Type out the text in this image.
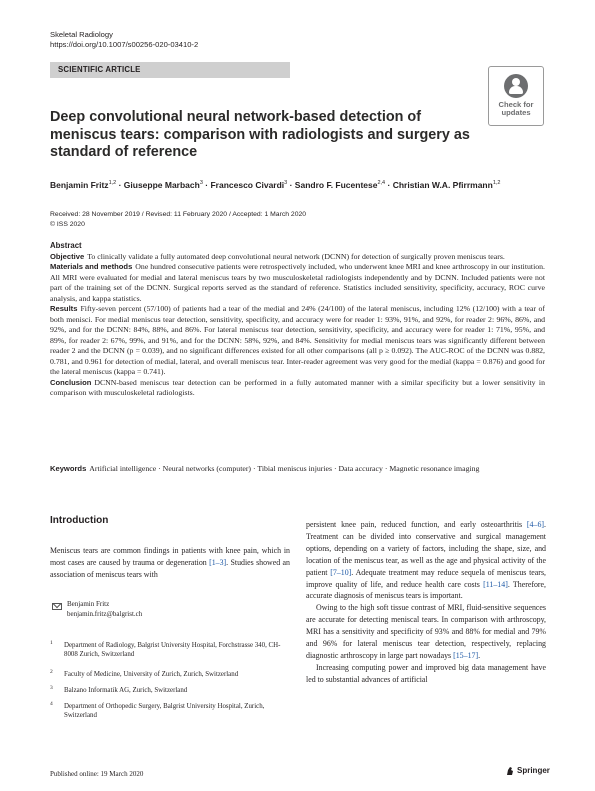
Skeletal Radiology
https://doi.org/10.1007/s00256-020-03410-2
SCIENTIFIC ARTICLE
Check for
updates
Deep convolutional neural network-based detection of meniscus tears: comparison with radiologists and surgery as standard of reference
Benjamin Fritz$^{1,2}$ · Giuseppe Marbach$^3$ · Francesco Civardi$^3$ · Sandro F. Fucentese$^{2,4}$ · Christian W.A. Pfirrmann$^{1,2}$
Received: 28 November 2019 / Revised: 11 February 2020 / Accepted: 1 March 2020
© ISS 2020
Abstract

Objective To clinically validate a fully automated deep convolutional neural network (DCNN) for detection of surgically proven meniscus tears.

Materials and methods One hundred consecutive patients were retrospectively included, who underwent knee MRI and knee arthroscopy in our institution. All MRI were evaluated for medial and lateral meniscus tears by two musculoskeletal radiologists independently and by DCNN. Included patients were not part of the training set of the DCNN. Surgical reports served as the standard of reference. Statistics included sensitivity, specificity, accuracy, ROC curve analysis, and kappa statistics.

Results Fifty-seven percent (57/100) of patients had a tear of the medial and 24% (24/100) of the lateral meniscus, including 12% (12/100) with a tear of both menisci. For medial meniscus tear detection, sensitivity, specificity, and accuracy were for reader 1: 93%, 91%, and 92%, for reader 2: 96%, 86%, and 92%, and for the DCNN: 84%, 88%, and 86%. For lateral meniscus tear detection, sensitivity, specificity, and accuracy were for reader 1: 71%, 95%, and 89%, for reader 2: 67%, 99%, and 91%, and for the DCNN: 58%, 92%, and 84%. Sensitivity for medial meniscus tears was significantly different between reader 2 and the DCNN (p = 0.039), and no significant differences existed for all other comparisons (all p ≥ 0.092). The AUC-ROC of the DCNN was 0.882, 0.781, and 0.961 for detection of medial, lateral, and overall meniscus tear. Inter-reader agreement was very good for the medial (kappa = 0.876) and good for the lateral meniscus (kappa = 0.741).

Conclusion DCNN-based meniscus tear detection can be performed in a fully automated manner with a similar specificity but a lower sensitivity in comparison with musculoskeletal radiologists.

Keywords Artificial intelligence · Neural networks (computer) · Tibial meniscus injuries · Data accuracy · Magnetic resonance imaging
Introduction
Meniscus tears are common findings in patients with knee pain, which in most cases are caused by trauma or degeneration [1–3]. Studies showed an association of meniscus tears with

persistent knee pain, reduced function, and early osteoarthritis [4–6]. Treatment can be divided into conservative and surgical management options, depending on a variety of factors, including the shape, size, and location of the meniscus tear, as well as the age and physical activity of the patient [7–10]. Adequate treatment may reduce sequela of meniscus tears, improve quality of life, and reduce health care costs [11–14]. Therefore, accurate diagnosis of meniscus tears is important.

Owing to the high soft tissue contrast of MRI, fluid-sensitive sequences are accurate for detecting meniscal tears. In comparison with arthroscopy, MRI has a sensitivity and specificity of 93% and 88% for medial and 79% and 96% for lateral meniscus tear detection, respectively, replacing diagnostic arthroscopy in large part nowadays [15–17].

Increasing computing power and improved big data management have led to substantial advances of artificial

Benjamin Fritz
benjamin.fritz@balgrist.ch
1 Department of Radiology, Balgrist University Hospital, Forchstrasse 340, CH-8008 Zurich, Switzerland
2 Faculty of Medicine, University of Zurich, Zurich, Switzerland
3 Balzano Informatik AG, Zurich, Switzerland
4 Department of Orthopedic Surgery, Balgrist University Hospital, Zurich, Switzerland
Published online: 19 March 2020	Springer
